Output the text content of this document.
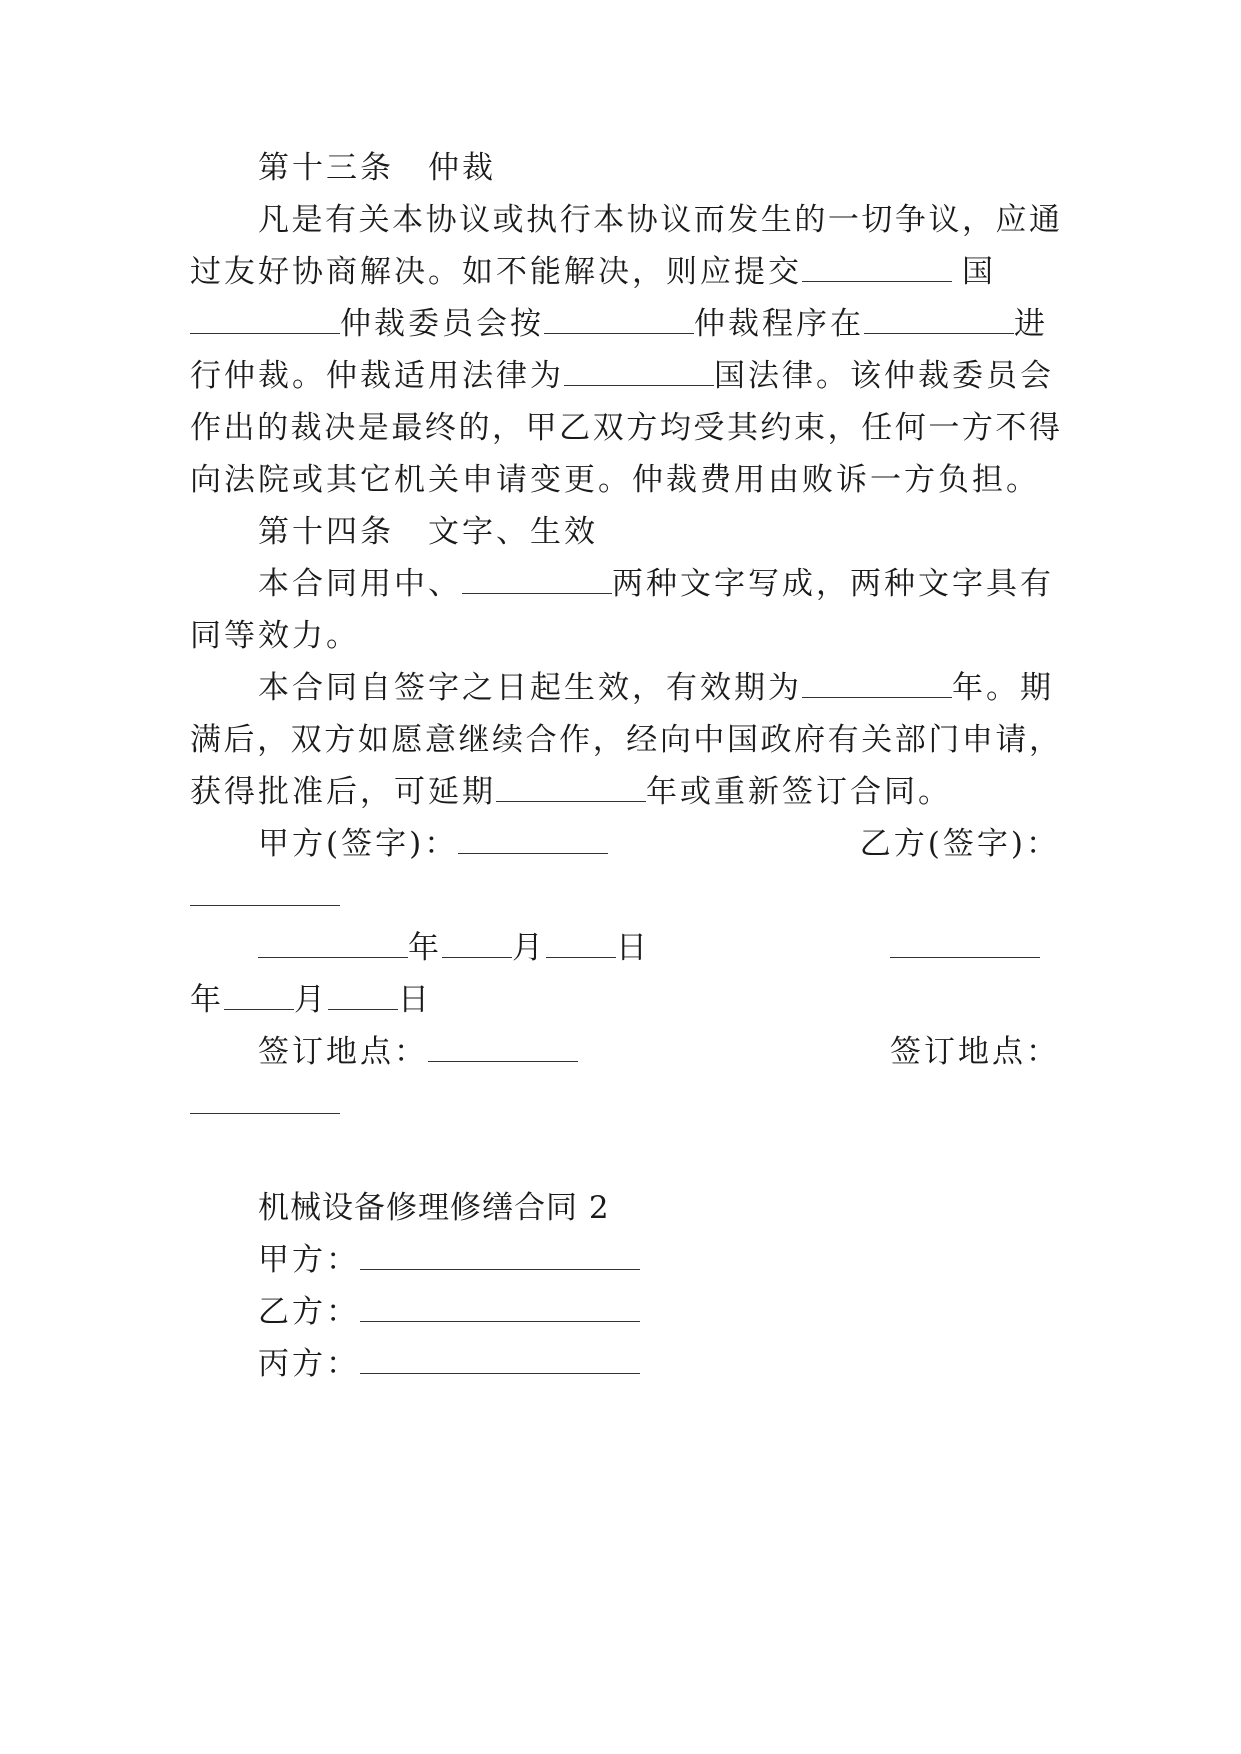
第十三条　仲裁
凡是有关本协议或执行本协议而发生的一切争议，应通
过友好协商解决。如不能解决，则应提交	国
仲裁委员会按	仲裁程序在	进
行仲裁。仲裁适用法律为	国法律。该仲裁委员会
作出的裁决是最终的，甲乙双方均受其约束，任何一方不得
向法院或其它机关申请变更。仲裁费用由败诉一方负担。
第十四条　文字、生效
本合同用中、	两种文字写成，两种文字具有
同等效力。
本合同自签字之日起生效，有效期为	年。期
满后，双方如愿意继续合作，经向中国政府有关部门申请，
获得批准后，可延期	年或重新签订合同。
甲方(签字)：	乙方(签字)：
年 月 日
年 月 日
签订地点：	签订地点：
机械设备修理修缮合同 2
甲方：
乙方：
丙方：
